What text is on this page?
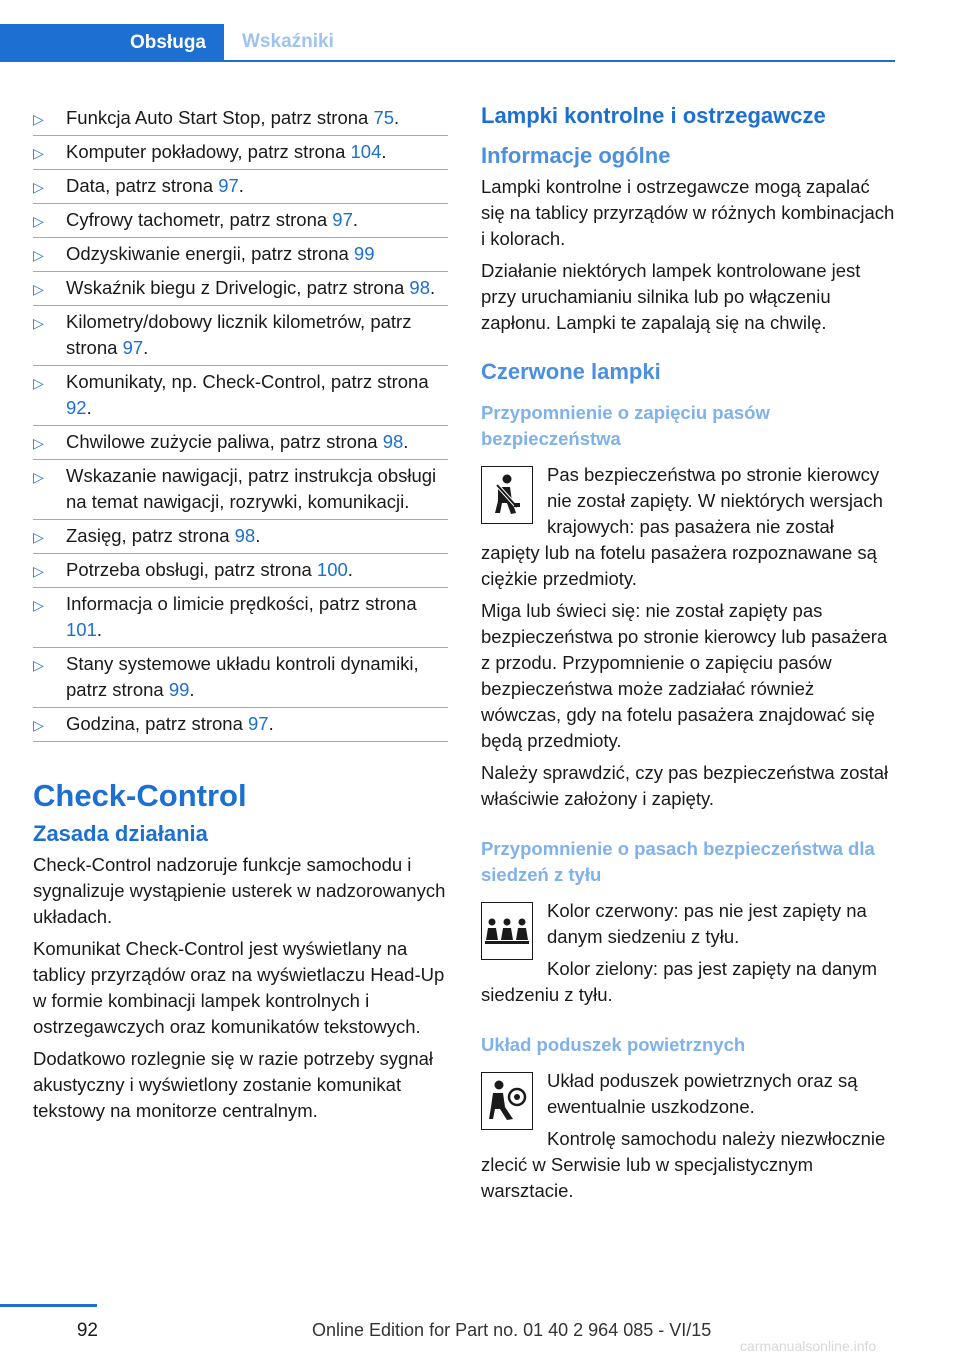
Obsługa	Wskaźniki
▷ Funkcja Auto Start Stop, patrz strona 75.
▷ Komputer pokładowy, patrz strona 104.
▷ Data, patrz strona 97.
▷ Cyfrowy tachometr, patrz strona 97.
▷ Odzyskiwanie energii, patrz strona 99
▷ Wskaźnik biegu z Drivelogic, patrz strona 98.
▷ Kilometry/dobowy licznik kilometrów, patrz strona 97.
▷ Komunikaty, np. Check-Control, patrz strona 92.
▷ Chwilowe zużycie paliwa, patrz strona 98.
▷ Wskazanie nawigacji, patrz instrukcja obsługi na temat nawigacji, rozrywki, komunikacji.
▷ Zasięg, patrz strona 98.
▷ Potrzeba obsługi, patrz strona 100.
▷ Informacja o limicie prędkości, patrz strona 101.
▷ Stany systemowe układu kontroli dynamiki, patrz strona 99.
▷ Godzina, patrz strona 97.
Check-Control
Zasada działania

Check-Control nadzoruje funkcje samochodu i sygnalizuje wystąpienie usterek w nadzorowanych układach.

Komunikat Check-Control jest wyświetlany na tablicy przyrządów oraz na wyświetlaczu Head-Up w formie kombinacji lampek kontrolnych i ostrzegawczych oraz komunikatów tekstowych.

Dodatkowo rozlegnie się w razie potrzeby sygnał akustyczny i wyświetlony zostanie komunikat tekstowy na monitorze centralnym.

Lampki kontrolne i ostrzegawcze
Informacje ogólne

Lampki kontrolne i ostrzegawcze mogą zapalać się na tablicy przyrządów w różnych kombinacjach i kolorach.

Działanie niektórych lampek kontrolowane jest przy uruchamianiu silnika lub po włączeniu zapłonu. Lampki te zapalają się na chwilę.

Czerwone lampki
Przypomnienie o zapięciu pasów bezpieczeństwa

Pas bezpieczeństwa po stronie kierowcy nie został zapięty. W niektórych wersjach krajowych: pas pasażera nie został zapięty lub na fotelu pasażera rozpoznawane są ciężkie przedmioty.

Miga lub świeci się: nie został zapięty pas bezpieczeństwa po stronie kierowcy lub pasażera z przodu. Przypomnienie o zapięciu pasów bezpieczeństwa może zadziałać również wówczas, gdy na fotelu pasażera znajdować się będą przedmioty.

Należy sprawdzić, czy pas bezpieczeństwa został właściwie założony i zapięty.

Przypomnienie o pasach bezpieczeństwa dla siedzeń z tyłu

Kolor czerwony: pas nie jest zapięty na danym siedzeniu z tyłu.

Kolor zielony: pas jest zapięty na danym siedzeniu z tyłu.

Układ poduszek powietrznych

Układ poduszek powietrznych oraz są ewentualnie uszkodzone.

Kontrolę samochodu należy niezwłocznie zlecić w Serwisie lub w specjalistycznym warsztacie.

92	Online Edition for Part no. 01 40 2 964 085 - VI/15
carmanualsonline.info
